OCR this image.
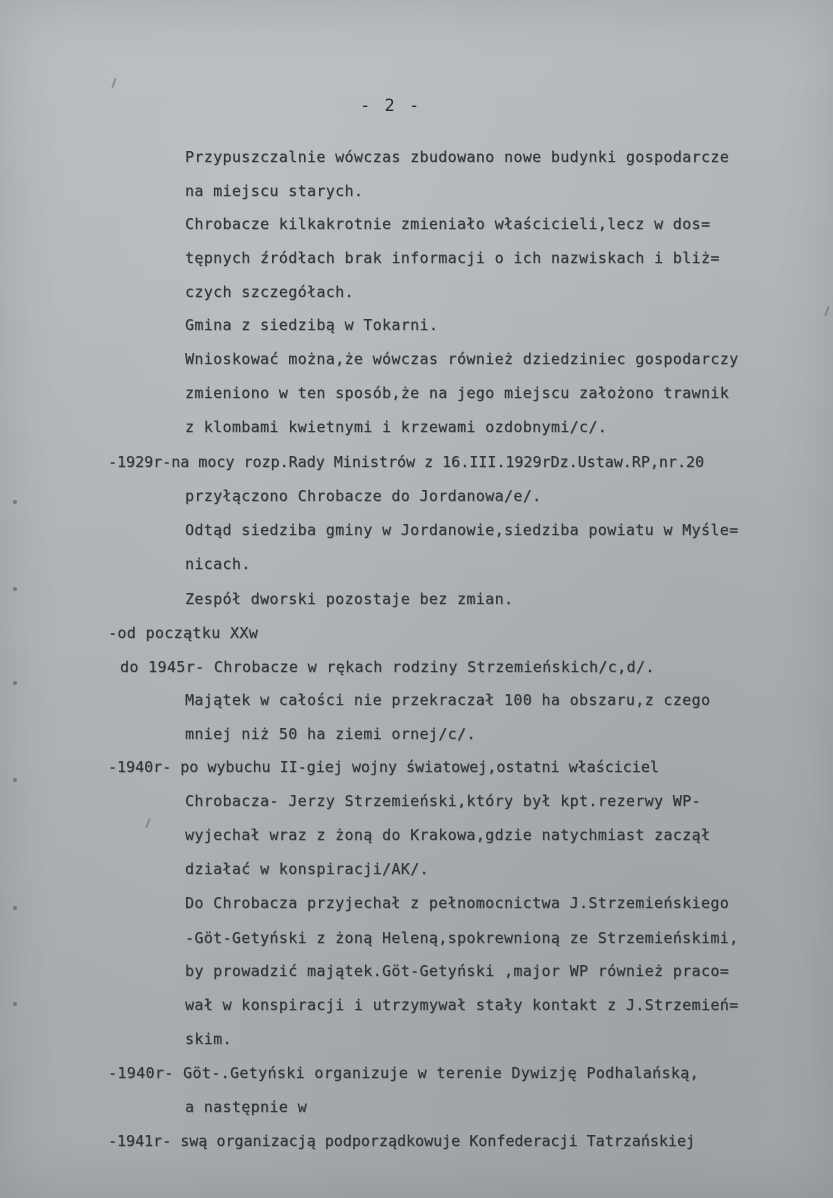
- 2 -
Przypuszczalnie wówczas zbudowano nowe budynki gospodarcze
na miejscu starych.
Chrobacze kilkakrotnie zmieniało właścicieli,lecz w dos=
tępnych źródłach brak informacji o ich nazwiskach i bliż=
czych szczegółach.
Gmina z siedzibą w Tokarni.
Wnioskować można,że wówczas również dziedziniec gospodarczy
zmieniono w ten sposób,że na jego miejscu założono trawnik
z klombami kwietnymi i krzewami ozdobnymi/c/.
-1929r-na mocy rozp.Rady Ministrów z 16.III.1929rDz.Ustaw.RP,nr.20
przyłączono Chrobacze do Jordanowa/e/.
Odtąd siedziba gminy w Jordanowie,siedziba powiatu w Myśle=
nicach.
Zespół dworski pozostaje bez zmian.
-od początku XXw
do 1945r- Chrobacze w rękach rodziny Strzemieńskich/c,d/.
Majątek w całości nie przekraczał 100 ha obszaru,z czego
mniej niż 50 ha ziemi ornej/c/.
-1940r- po wybuchu II-giej wojny światowej,ostatni właściciel
Chrobacza- Jerzy Strzemieński,który był kpt.rezerwy WP-
wyjechał wraz z żoną do Krakowa,gdzie natychmiast zaczął
działać w konspiracji/AK/.
Do Chrobacza przyjechał z pełnomocnictwa J.Strzemieńskiego
-Göt-Getyński z żoną Heleną,spokrewnioną ze Strzemieńskimi,
by prowadzić majątek.Göt-Getyński ,major WP również praco=
wał w konspiracji i utrzymywał stały kontakt z J.Strzemień=
skim.
-1940r- Göt-.Getyński organizuje w terenie Dywizję Podhalańską,
a następnie w
-1941r- swą organizacją podporządkowuje Konfederacji Tatrzańskiej
